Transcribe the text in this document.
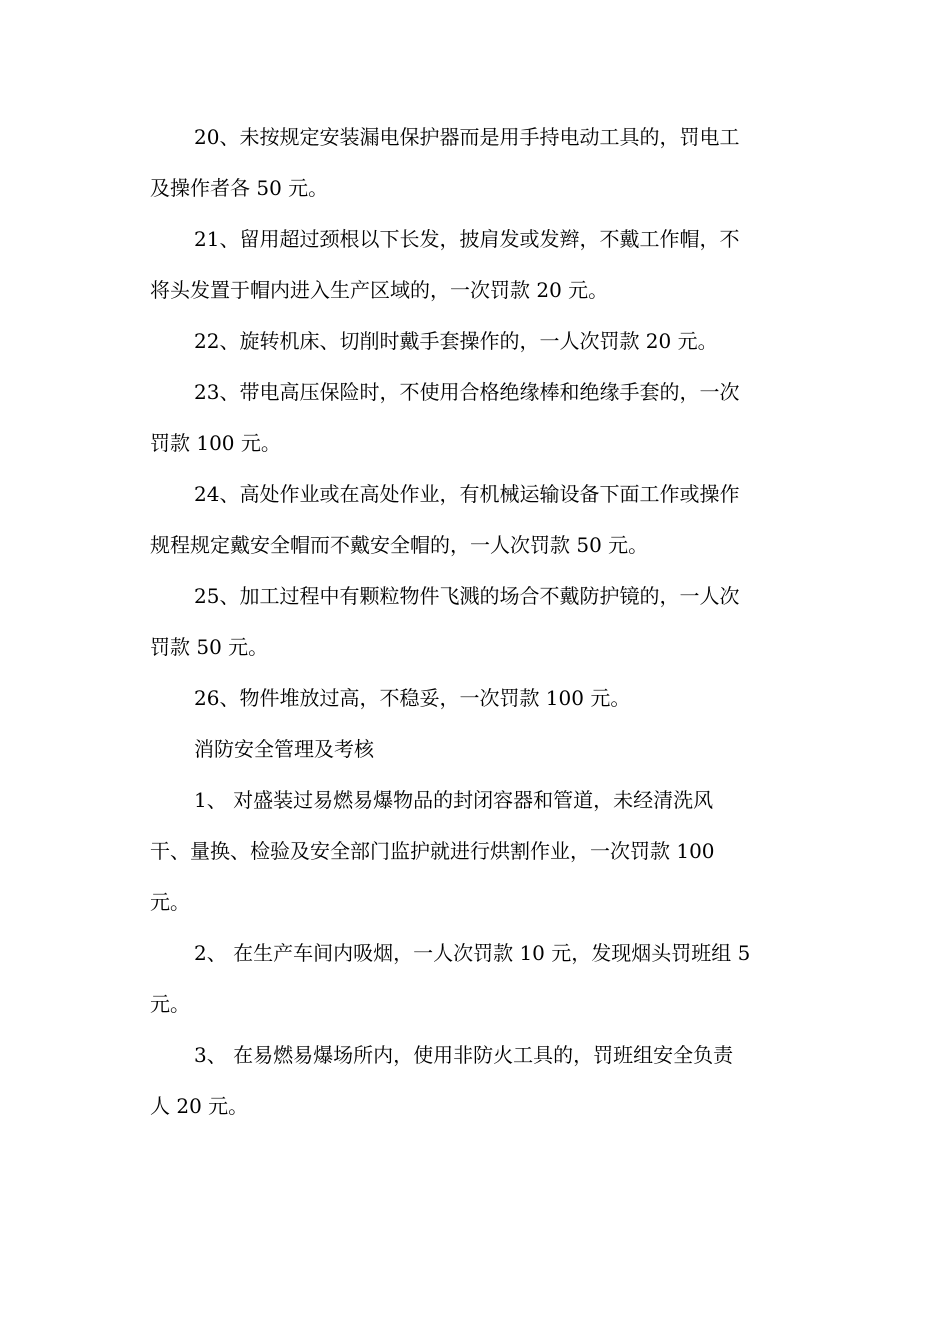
20、未按规定安装漏电保护器而是用手持电动工具的，罚电工
及操作者各 50 元。
21、留用超过颈根以下长发，披肩发或发辫，不戴工作帽，不
将头发置于帽内进入生产区域的，一次罚款 20 元。
22、旋转机床、切削时戴手套操作的，一人次罚款 20 元。
23、带电高压保险时，不使用合格绝缘棒和绝缘手套的，一次
罚款 100 元。
24、高处作业或在高处作业，有机械运输设备下面工作或操作
规程规定戴安全帽而不戴安全帽的，一人次罚款 50 元。
25、加工过程中有颗粒物件飞溅的场合不戴防护镜的，一人次
罚款 50 元。
26、物件堆放过高，不稳妥，一次罚款 100 元。
消防安全管理及考核
1、 对盛装过易燃易爆物品的封闭容器和管道，未经清洗风
干、量换、检验及安全部门监护就进行烘割作业，一次罚款 100
元。
2、 在生产车间内吸烟，一人次罚款 10 元，发现烟头罚班组 5
元。
3、 在易燃易爆场所内，使用非防火工具的，罚班组安全负责
人 20 元。
